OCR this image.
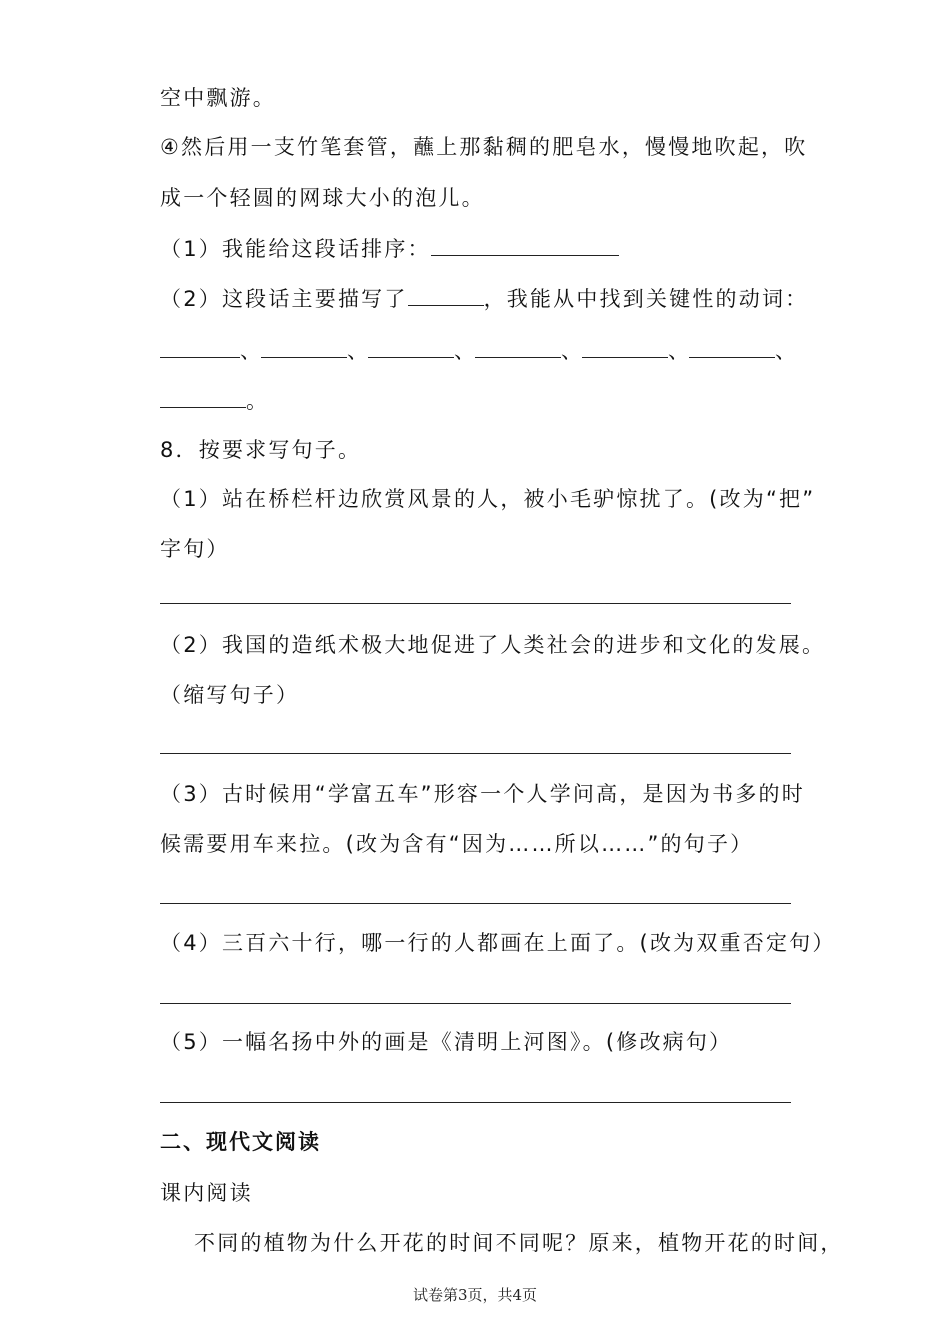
空中飘游。
④然后用一支竹笔套管，蘸上那黏稠的肥皂水，慢慢地吹起，吹
成一个轻圆的网球大小的泡儿。
（1）我能给这段话排序：
（2）这段话主要描写了	，我能从中找到关键性的动词：
、	、	、	、	、	、
。
8．按要求写句子。
（1）站在桥栏杆边欣赏风景的人，被小毛驴惊扰了。(改为“把”
字句）
（2）我国的造纸术极大地促进了人类社会的进步和文化的发展。
（缩写句子）
（3）古时候用“学富五车”形容一个人学问高，是因为书多的时
候需要用车来拉。(改为含有“因为……所以……”的句子）
（4）三百六十行，哪一行的人都画在上面了。(改为双重否定句）
（5）一幅名扬中外的画是《清明上河图》。(修改病句）
二、现代文阅读
课内阅读
不同的植物为什么开花的时间不同呢？原来，植物开花的时间，
试卷第3页，共4页
